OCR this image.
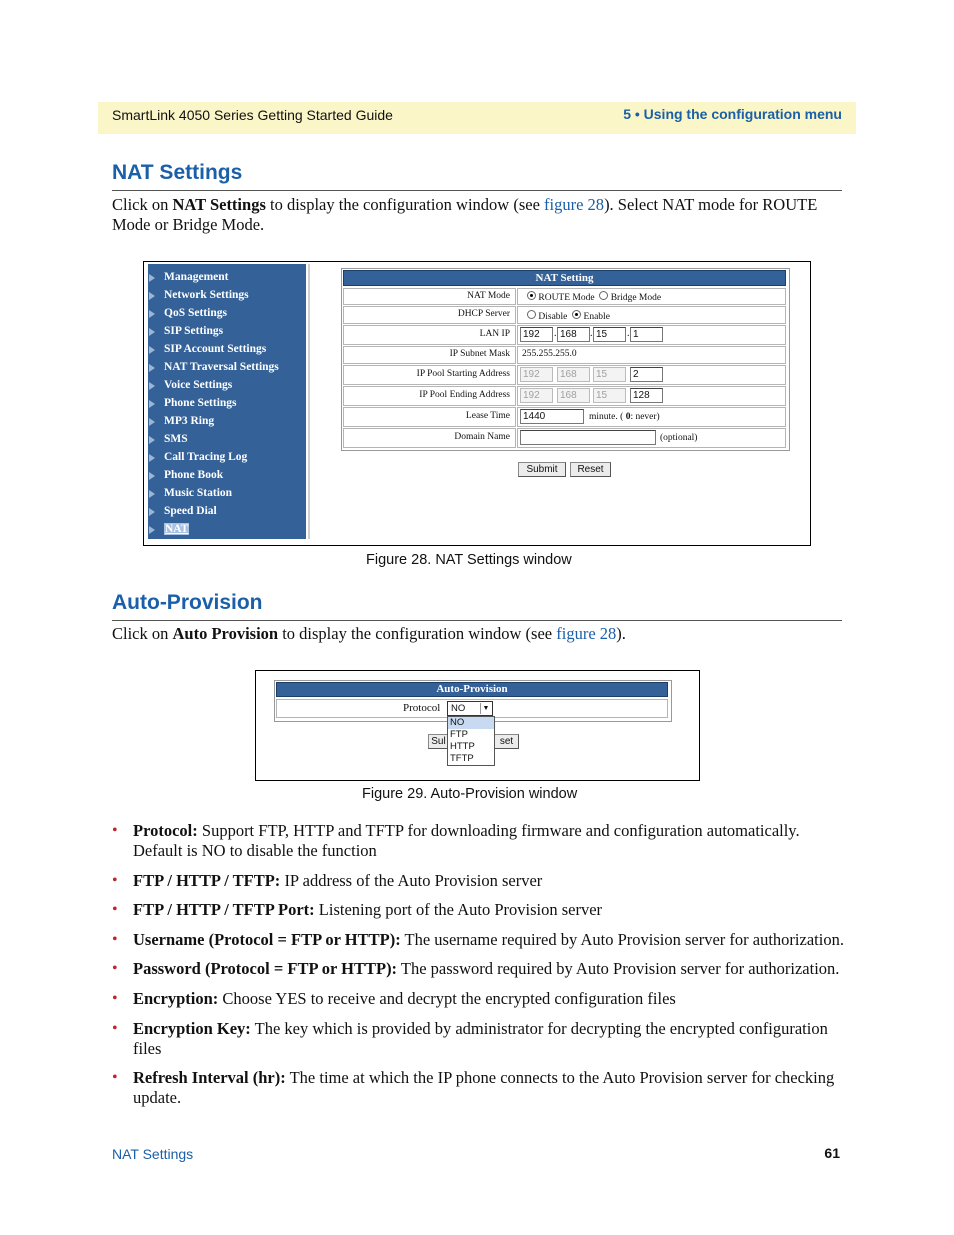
SmartLink 4050 Series Getting Started Guide	5 • Using the configuration menu
NAT Settings
Click on NAT Settings to display the configuration window (see figure 28). Select NAT mode for ROUTE
Mode or Bridge Mode.
Management
Network Settings
QoS Settings
SIP Settings
SIP Account Settings
NAT Traversal Settings
Voice Settings
Phone Settings
MP3 Ring
SMS
Call Tracing Log
Phone Book
Music Station
Speed Dial
NAT
NAT Setting
NAT Mode	ROUTE Mode Bridge Mode
DHCP Server	Disable Enable
LAN IP	192	. 168	. 15	. 1
IP Subnet Mask 255.255.255.0
IP Pool Starting Address	192	168	15	2
IP Pool Ending Address	192	168	15	128
Lease Time	1440	minute. ( 0: never)
Domain Name	(optional)
Submit	Reset
Figure 28. NAT Settings window
Auto-Provision
Click on Auto Provision to display the configuration window (see figure 28).
Auto-Provision
Protocol NO	▼
Sul	set
NO
FTP
HTTP
TFTP
Figure 29. Auto-Provision window
• Protocol: Support FTP, HTTP and TFTP for downloading firmware and configuration automatically.
Default is NO to disable the function
• FTP / HTTP / TFTP: IP address of the Auto Provision server
• FTP / HTTP / TFTP Port: Listening port of the Auto Provision server
• Username (Protocol = FTP or HTTP): The username required by Auto Provision server for authorization.
• Password (Protocol = FTP or HTTP): The password required by Auto Provision server for authorization.
• Encryption: Choose YES to receive and decrypt the encrypted configuration files
• Encryption Key: The key which is provided by administrator for decrypting the encrypted configuration
files
• Refresh Interval (hr): The time at which the IP phone connects to the Auto Provision server for checking
update.
NAT Settings	61
